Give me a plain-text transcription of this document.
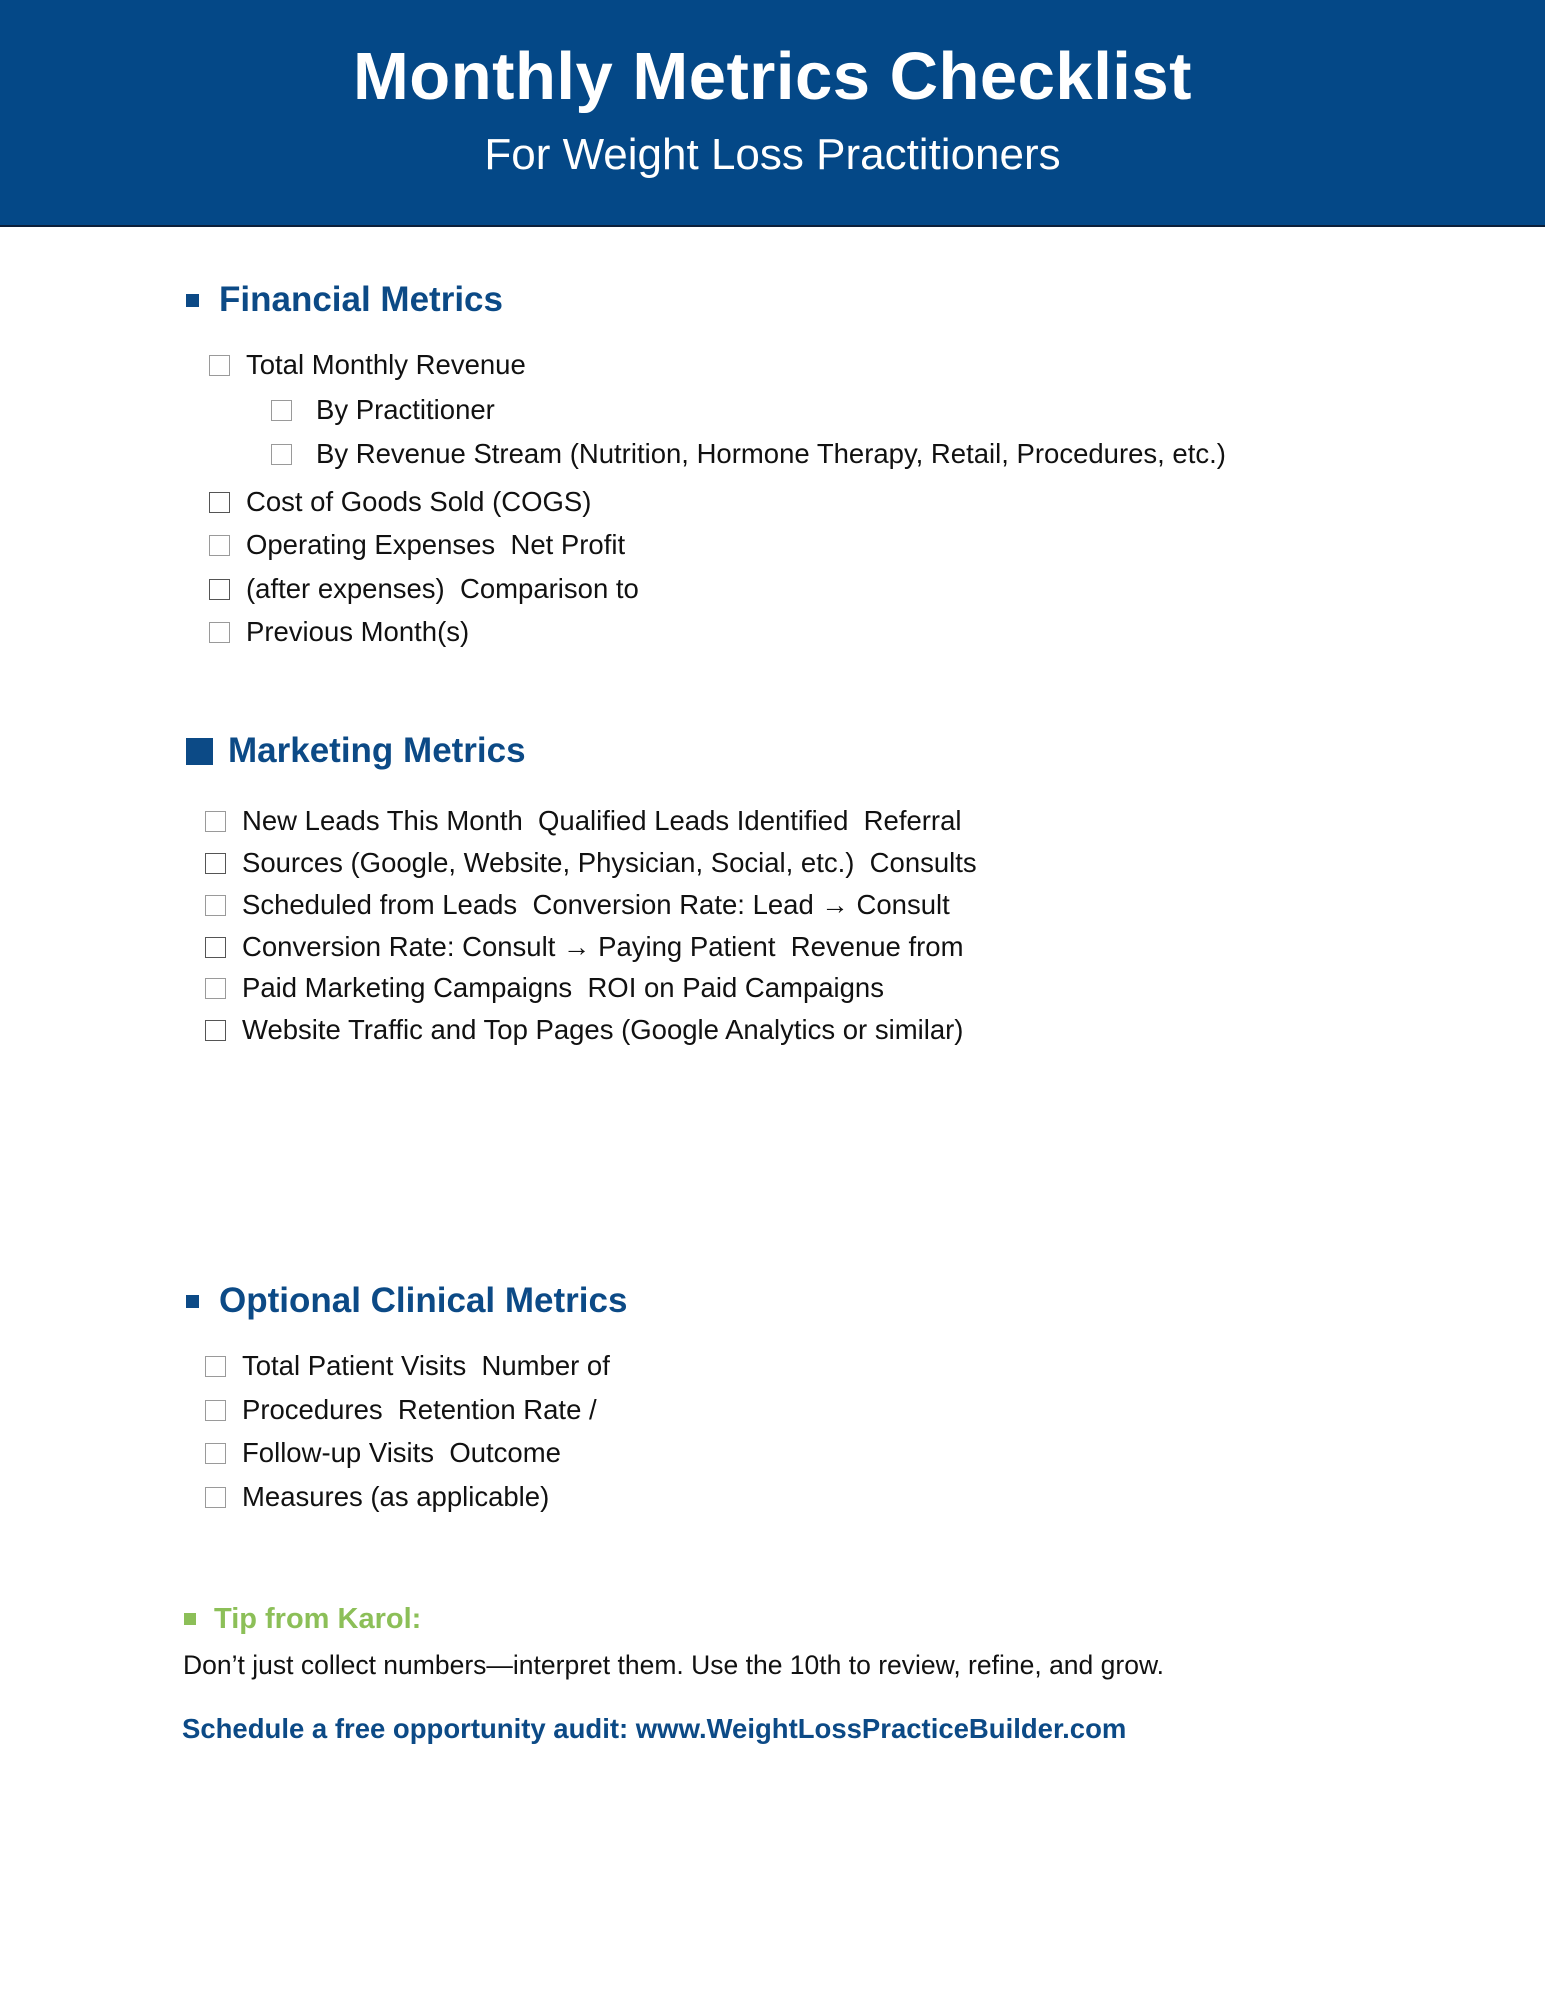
Monthly Metrics Checklist
For Weight Loss Practitioners
Financial Metrics
Total Monthly Revenue
By Practitioner
By Revenue Stream (Nutrition, Hormone Therapy, Retail, Procedures, etc.)
Cost of Goods Sold (COGS)
Operating Expenses  Net Profit
(after expenses)  Comparison to
Previous Month(s)
Marketing Metrics
New Leads This Month  Qualified Leads Identified  Referral
Sources (Google, Website, Physician, Social, etc.)  Consults
Scheduled from Leads  Conversion Rate: Lead → Consult
Conversion Rate: Consult → Paying Patient  Revenue from
Paid Marketing Campaigns  ROI on Paid Campaigns
Website Traffic and Top Pages (Google Analytics or similar)
Optional Clinical Metrics
Total Patient Visits  Number of
Procedures  Retention Rate /
Follow-up Visits  Outcome
Measures (as applicable)
Tip from Karol:
Don’t just collect numbers—interpret them. Use the 10th to review, refine, and grow.
Schedule a free opportunity audit: www.WeightLossPracticeBuilder.com
